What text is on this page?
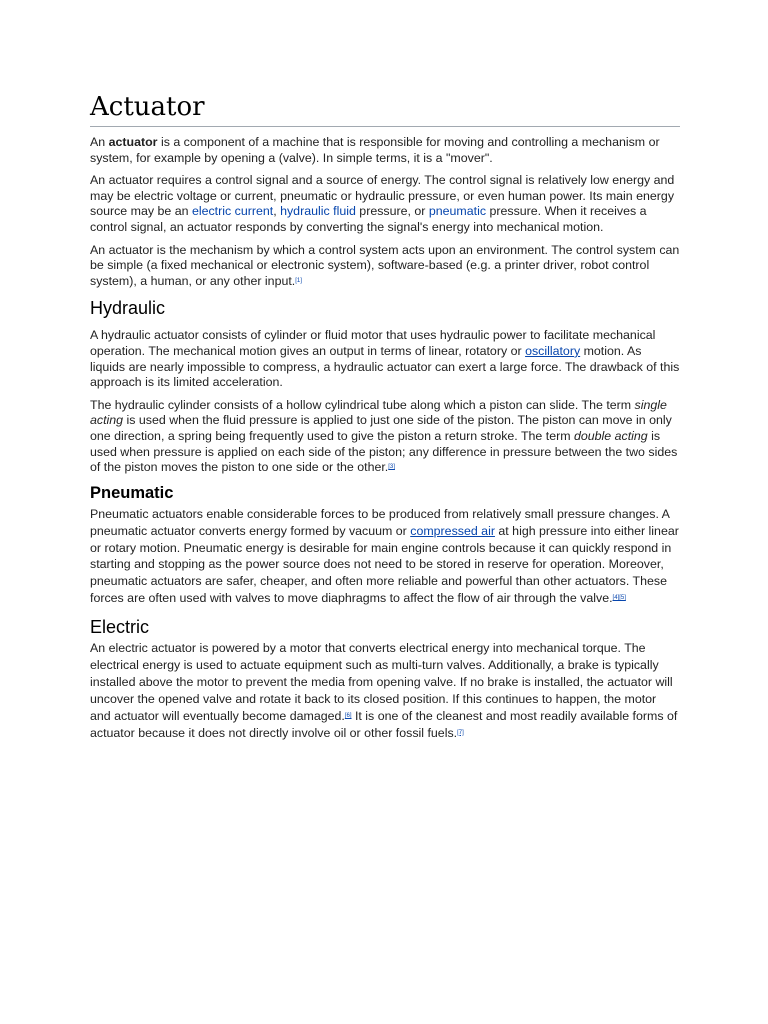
Actuator

An actuator is a component of a machine that is responsible for moving and controlling a mechanism or system, for example by opening a (valve). In simple terms, it is a "mover".

An actuator requires a control signal and a source of energy. The control signal is relatively low energy and may be electric voltage or current, pneumatic or hydraulic pressure, or even human power. Its main energy source may be an electric current, hydraulic fluid pressure, or pneumatic pressure. When it receives a control signal, an actuator responds by converting the signal's energy into mechanical motion.

An actuator is the mechanism by which a control system acts upon an environment. The control system can be simple (a fixed mechanical or electronic system), software-based (e.g. a printer driver, robot control system), a human, or any other input.[1]

Hydraulic

A hydraulic actuator consists of cylinder or fluid motor that uses hydraulic power to facilitate mechanical operation. The mechanical motion gives an output in terms of linear, rotatory or oscillatory motion. As liquids are nearly impossible to compress, a hydraulic actuator can exert a large force. The drawback of this approach is its limited acceleration.

The hydraulic cylinder consists of a hollow cylindrical tube along which a piston can slide. The term single acting is used when the fluid pressure is applied to just one side of the piston. The piston can move in only one direction, a spring being frequently used to give the piston a return stroke. The term double acting is used when pressure is applied on each side of the piston; any difference in pressure between the two sides of the piston moves the piston to one side or the other.[3]

Pneumatic

Pneumatic actuators enable considerable forces to be produced from relatively small pressure changes. A pneumatic actuator converts energy formed by vacuum or compressed air at high pressure into either linear or rotary motion. Pneumatic energy is desirable for main engine controls because it can quickly respond in starting and stopping as the power source does not need to be stored in reserve for operation. Moreover, pneumatic actuators are safer, cheaper, and often more reliable and powerful than other actuators. These forces are often used with valves to move diaphragms to affect the flow of air through the valve.[4][5]

Electric

An electric actuator is powered by a motor that converts electrical energy into mechanical torque. The electrical energy is used to actuate equipment such as multi-turn valves. Additionally, a brake is typically installed above the motor to prevent the media from opening valve. If no brake is installed, the actuator will uncover the opened valve and rotate it back to its closed position. If this continues to happen, the motor and actuator will eventually become damaged.[6] It is one of the cleanest and most readily available forms of actuator because it does not directly involve oil or other fossil fuels.[7]
